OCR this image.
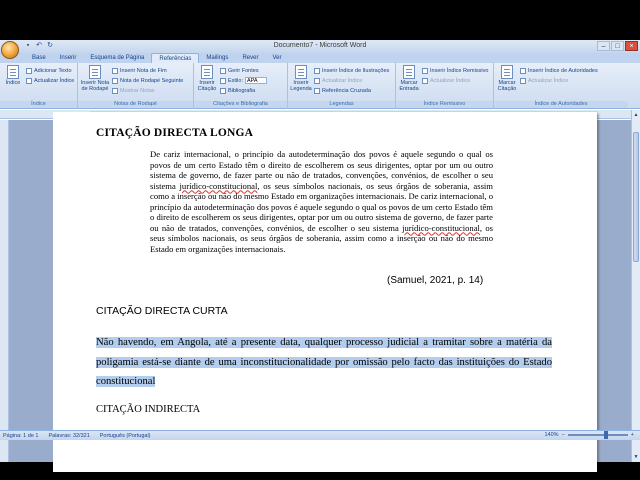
▪ ↶ ↻	Documento7 - Microsoft Word	–	□	×
Base	Inserir	Esquema de Página	Referências	Mailings	Rever	Ver
Índice
Adicionar Texto
Actualizar Índice
Índice
Inserir Nota de Rodapé
Inserir Nota de Fim
Nota de Rodapé Seguinte
Mostrar Notas
Notas de Rodapé
Inserir Citação
Gerir Fontes
Estilo: APA
Bibliografia
Citações e Bibliografia
Inserir Legenda
Inserir Índice de Ilustrações
Actualizar Índice
Referência Cruzada
Legendas
Marcar Entrada
Inserir Índice Remissivo
Actualizar Índice
Índice Remissivo
Marcar Citação
Inserir Índice de Autoridades
Actualizar Índice
Índice de Autoridades
CITAÇÃO DIRECTA LONGA
De cariz internacional, o princípio da autodeterminação dos povos é aquele segundo o qual os povos de um certo Estado têm o direito de escolherem os seus dirigentes, optar por um ou outro sistema de governo, de fazer parte ou não de tratados, convenções, convénios, de escolher o seu sistema jurídico-constitucional, os seus símbolos nacionais, os seus órgãos de soberania, assim como a inserção ou não do mesmo Estado em organizações internacionais. De cariz internacional, o princípio da autodeterminação dos povos é aquele segundo o qual os povos de um certo Estado têm o direito de escolherem os seus dirigentes, optar por um ou outro sistema de governo, de fazer parte ou não de tratados, convenções, convénios, de escolher o seu sistema jurídico-constitucional, os seus símbolos nacionais, os seus órgãos de soberania, assim como a inserção ou não do mesmo Estado em organizações internacionais.
(Samuel, 2021, p. 14)
CITAÇÃO DIRECTA CURTA
Não havendo, em Angola, até a presente data, qualquer processo judicial a tramitar sobre a matéria da poligamia está-se diante de uma inconstitucionalidade por omissão pelo facto das instituições do Estado constitucional
CITAÇÃO INDIRECTA
▲
▼
Página: 1 de 1 Palavras: 32/321 Português (Portugal)	140% −	+
